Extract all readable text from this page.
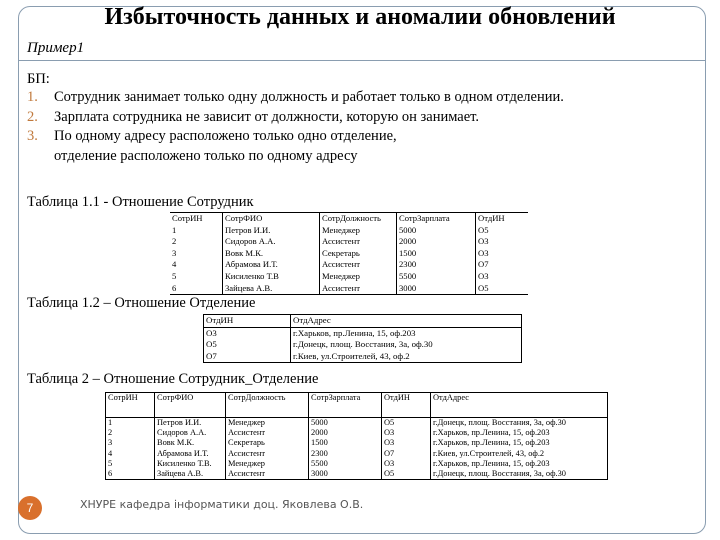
Избыточность данных и аномалии обновлений
Пример1
БП:
1.	Сотрудник занимает только одну должность и работает только в одном отделении.
2.	Зарплата сотрудника не зависит от должности, которую он занимает.
3.	По одному адресу расположено только одно отделение,
отделение расположено только по одному адресу
Таблица 1.1 - Отношение Сотрудник
СотрИН	СотрФИО	СотрДолжность	СотрЗарплата	ОтдИН
1	Петров И.И.	Менеджер	5000	O5
2	Сидоров А.А.	Ассистент	2000	O3
3	Вовк М.К.	Секретарь	1500	O3
4	Абрамова И.Т.	Ассистент	2300	O7
5	Кисиленко Т.В	Менеджер	5500	O3
6	Зайцева А.В.	Ассистент	3000	O5
Таблица 1.2 – Отношение Отделение
ОтдИН	ОтдАдрес
O3	г.Харьков, пр.Ленина, 15, оф.203
O5	г.Донецк, площ. Восстания, 3а, оф.30
O7	г.Киев, ул.Строителей, 43, оф.2
Таблица 2 – Отношение Сотрудник_Отделение
СотрИН	СотрФИО	СотрДолжность	СотрЗарплата	ОтдИН	ОтдАдрес
1	Петров И.И.	Менеджер	5000	O5	г.Донецк, площ. Восстания, 3а, оф.30
2	Сидоров А.А.	Ассистент	2000	O3	г.Харьков, пр.Ленина, 15, оф.203
3	Вовк М.К.	Секретарь	1500	O3	г.Харьков, пр.Ленина, 15, оф.203
4	Абрамова И.Т.	Ассистент	2300	O7	г.Киев, ул.Строителей, 43, оф.2
5	Кисиленко Т.В.	Менеджер	5500	O3	г.Харьков, пр.Ленина, 15, оф.203
6	Зайцева А.В.	Ассистент	3000	O5	г.Донецк, площ. Восстания, 3а, оф.30
7	ХНУРЕ кафедра інформатики доц. Яковлева О.В.
